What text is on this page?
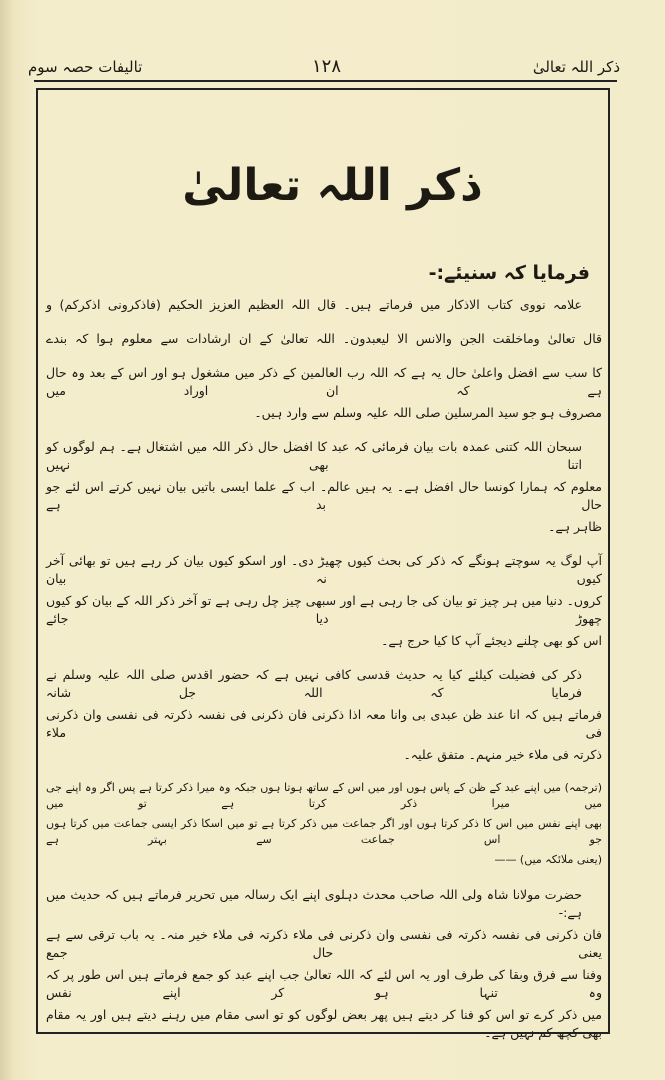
ذکر اللہ تعالیٰ
۱۲۸
تالیفات حصہ سوم
ذکر اللہ تعالیٰ
فرمایا کہ سنیئے:-
علامہ نووی کتاب الاذکار میں فرماتے ہیں۔ قال اللہ العظیم العزیز الحکیم (فاذکرونی اذکرکم) و
قال تعالیٰ وماخلقت الجن والانس الا لیعبدون۔ اللہ تعالیٰ کے ان ارشادات سے معلوم ہوا کہ بندے
کا سب سے افضل واعلیٰ حال یہ ہے کہ اللہ رب العالمین کے ذکر میں مشغول ہو اور اس کے بعد وہ حال ہے کہ ان اوراد میں
مصروف ہو جو سید المرسلین صلی اللہ علیہ وسلم سے وارد ہیں۔
سبحان اللہ کتنی عمدہ بات بیان فرمائی کہ عبد کا افضل حال ذکر اللہ میں اشتغال ہے۔ ہم لوگوں کو اتنا بھی نہیں
معلوم کہ ہمارا کونسا حال افضل ہے۔ یہ ہیں عالم۔ اب کے علما ایسی باتیں بیان نہیں کرتے اس لئے جو حال بد ہے
ظاہر ہے۔
آپ لوگ یہ سوچتے ہونگے کہ ذکر کی بحث کیوں چھیڑ دی۔ اور اسکو کیوں بیان کر رہے ہیں تو بھائی آخر کیوں نہ بیان
کروں۔ دنیا میں ہر چیز تو بیان کی جا رہی ہے اور سبھی چیز چل رہی ہے تو آخر ذکر اللہ کے بیان کو کیوں چھوڑ دیا جائے
اس کو بھی چلنے دیجئے آپ کا کیا حرج ہے۔
ذکر کی فضیلت کیلئے کیا یہ حدیث قدسی کافی نہیں ہے کہ حضور اقدس صلی اللہ علیہ وسلم نے فرمایا کہ اللہ جل شانہ
فرماتے ہیں کہ انا عند ظن عبدی بی وانا معہ اذا ذکرنی فان ذکرنی فی نفسہ ذکرتہ فی نفسی وان ذکرنی فی ملاء
ذکرتہ فی ملاء خیر منہم۔ متفق علیہ۔
(ترجمہ) میں اپنے عبد کے ظن کے پاس ہوں اور میں اس کے ساتھ ہوتا ہوں جبکہ وہ میرا ذکر کرتا ہے پس اگر وہ اپنے جی میں میرا ذکر کرتا ہے تو میں
بھی اپنے نفس میں اس کا ذکر کرتا ہوں اور اگر جماعت میں ذکر کرتا ہے تو میں اسکا ذکر ایسی جماعت میں کرتا ہوں جو اس جماعت سے بہتر ہے
(یعنی ملائکہ میں) ——
حضرت مولانا شاہ ولی اللہ صاحب محدث دہلوی اپنے ایک رسالہ میں تحریر فرماتے ہیں کہ حدیث میں ہے:-
فان ذکرنی فی نفسہ ذکرتہ فی نفسی وان ذکرنی فی ملاء ذکرتہ فی ملاء خیر منہ۔ یہ باب ترقی سے ہے یعنی حال جمع
وفنا سے فرق وبقا کی طرف اور یہ اس لئے کہ اللہ تعالیٰ جب اپنے عبد کو جمع فرماتے ہیں اس طور پر کہ وہ تنہا ہو کر اپنے نفس
میں ذکر کرے تو اس کو فنا کر دیتے ہیں پھر بعض لوگوں کو تو اسی مقام میں رہنے دیتے ہیں اور یہ مقام بھی کچھ کم نہیں ہے۔
